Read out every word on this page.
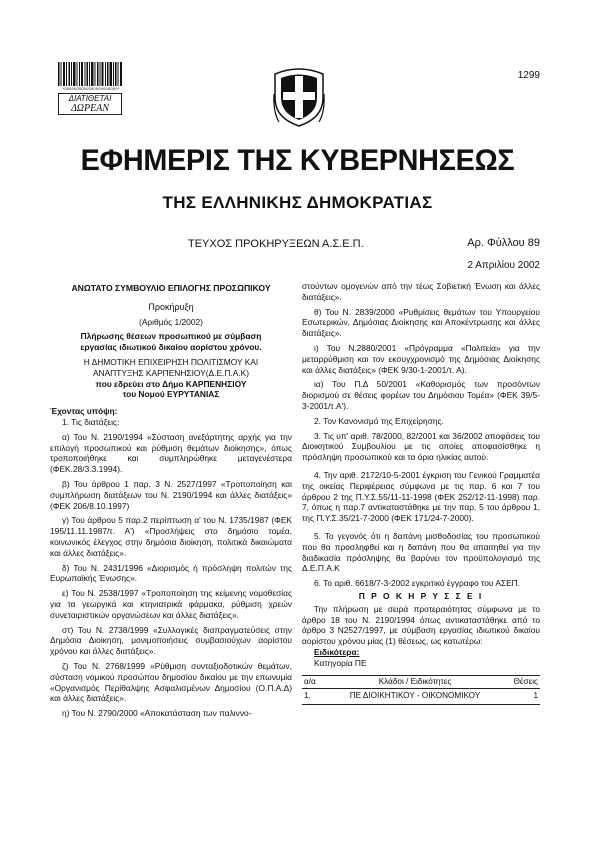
*0000000000000000000000*
ΔΙΑΤΙΘΕΤΑΙ
ΔΩΡΕΑΝ
1299
ΕΦΗΜΕΡΙΣ ΤΗΣ ΚΥΒΕΡΝΗΣΕΩΣ
ΤΗΣ ΕΛΛΗΝΙΚΗΣ ΔΗΜΟΚΡΑΤΙΑΣ
ΤΕΥΧΟΣ ΠΡΟΚΗΡΥΞΕΩΝ Α.Σ.Ε.Π.	Αρ. Φύλλου 89
2 Απριλίου 2002

ΑΝΩΤΑΤΟ ΣΥΜΒΟΥΛΙΟ ΕΠΙΛΟΓΗΣ ΠΡΟΣΩΠΙΚΟΥ

Προκήρυξη

(Αριθμός 1/2002)

Πλήρωσης θέσεων προσωπικού με σύμβαση

εργασίας ιδιωτικού δικαίου αορίστου χρόνου.

Η ΔΗΜΟΤΙΚΗ ΕΠΙΧΕΙΡΗΣΗ ΠΟΛΙΤΙΣΜΟΥ ΚΑΙ

ΑΝΑΠΤΥΞΗΣ ΚΑΡΠΕΝΗΣΙΟΥ(Δ.Ε.Π.Α.Κ)

που εδρεύει στο Δήμο ΚΑΡΠΕΝΗΣΙΟΥ

του Νομού ΕΥΡΥΤΑΝΙΑΣ

Έχοντας υπόψη:

1. Τις διατάξεις:

α) Του Ν. 2190/1994 «Σύσταση ανεξάρτητης αρχής για την επιλογή προσωπικού και ρύθμιση θεμάτων διοίκησης», όπως τροποποιήθηκε και συμπληρώθηκε μεταγενέστερα (ΦΕΚ.28/3.3.1994).

β) Του άρθρου 1 παρ. 3 Ν. 2527/1997 «Τροποποίηση και συμπλήρωση διατάξεων του Ν. 2190/1994 και άλλες διατάξεις» (ΦΕΚ 206/8.10.1997)

γ) Του άρθρου 5 παρ.2 περίπτωση α' του Ν. 1735/1987 (ΦΕΚ 195/11.11.1987/τ. Α') «Προσλήψεις στο δημόσιο τομέα, κοινωνικός έλεγχος στην δημόσια διοίκηση, πολιτικά δικαιώματα και άλλες διατάξεις».

δ) Του Ν. 2431/1996 «Διορισμός ή πρόσληψη πολιτών της Ευρωπαϊκής Ένωσης».

ε) Του Ν. 2538/1997 «Τροποποίηση της κείμενης νομοθεσίας για τα γεωργικά και κτηνιατρικά φάρμακα, ρύθμιση χρεών συνεταιριστικών οργανώσεων και άλλες διατάξεις».

στ) Του Ν. 2738/1999 «Συλλογικές διαπραγματεύσεις στην Δημόσια Διοίκηση, μονιμοποιήσεις συμβασιούχων αορίστου χρόνου και άλλες διατάξεις».

ζ) Του Ν. 2768/1999 «Ρύθμιση συνταξιοδοτικών θεμάτων, σύσταση νομικού προσώπου δημοσίου δικαίου με την επωνυμία «Οργανισμός Περίθαλψης Ασφαλισμένων Δημοσίου (Ο.Π.Α.Δ) και άλλες διατάξεις».

η) Του Ν. 2790/2000 «Αποκατάσταση των παλιννο-

στούντων ομογενών από την τέως Σοβιετική Ένωση και άλλες διατάξεις».

θ) Του Ν. 2839/2000 «Ρυθμίσεις θεμάτων του Υπουργείου Εσωτερικών, Δημόσιας Διοίκησης και Αποκέντρωσης και άλλες διατάξεις».

ι) Του Ν.2880/2001 «Πρόγραμμα «Πολιτεία» για την μεταρρύθμιση και τον εκσυγχρονισμό της Δημόσιας Διοίκησης και άλλες διατάξεις» (ΦΕΚ 9/30-1-2001/τ. Α).

ια) Του Π.Δ 50/2001 «Καθορισμός των προσόντων διορισμού σε θέσεις φορέων του Δημόσιου Τομέα» (ΦΕΚ 39/5-3-2001/τ.Α').

2. Τον Κανονισμό της Επιχείρησης.

3. Τις υπ' αριθ. 78/2000, 82/2001 και 36/2002 αποφάσεις του Διοικητικού Συμβουλίου με τις οποίες αποφασίσθηκε η πρόσληψη προσωπικού και τα όρια ηλικίας αυτού.

4. Την αριθ. 2172/10-5-2001 έγκριση του Γενικού Γραμματέα της οικείας Περιφέρειας σύμφωνα με τις παρ. 6 και 7 του άρθρου 2 της Π.Υ.Σ.55/11-11-1998 (ΦΕΚ 252/12-11-1998) παρ. 7, όπως η παρ.7 αντικαταστάθηκε με την παρ. 5 του άρθρου 1, της Π.Υ.Σ.35/21-7-2000 (ΦΕΚ 171/24-7-2000).

5. Το γεγονός ότι η δαπάνη μισθοδοσίας του προσωπικού που θα προσληφθεί και η δαπάνη που θα απαιτηθεί για την διαδικασία πρόσληψης θα βαρύνει τον προϋπολογισμό της Δ.Ε.Π.Α.Κ

6. Το αριθ. 6618/7-3-2002 εγκριτικό έγγραφο του ΑΣΕΠ.

Π Ρ Ο Κ Η Ρ Υ Σ Σ Ε Ι

Την πλήρωση με σειρά προτεραιότητας σύμφωνα με το άρθρο 18 του Ν. 2190/1994 όπως αντικαταστάθηκε από το άρθρο 3 Ν2527/1997, με σύμβαση εργασίας ιδιωτικού δικαίου αορίστου χρόνου μίας (1) θέσεως, ως κατωτέρω:

Ειδικότερα:

Κατηγορία ΠΕ

α/α	Κλάδοι / Ειδικότητες	Θέσεις
1.	ΠΕ ΔΙΟΙΚΗΤΙΚΟΥ - ΟΙΚΟΝΟΜΙΚΟΥ	1
